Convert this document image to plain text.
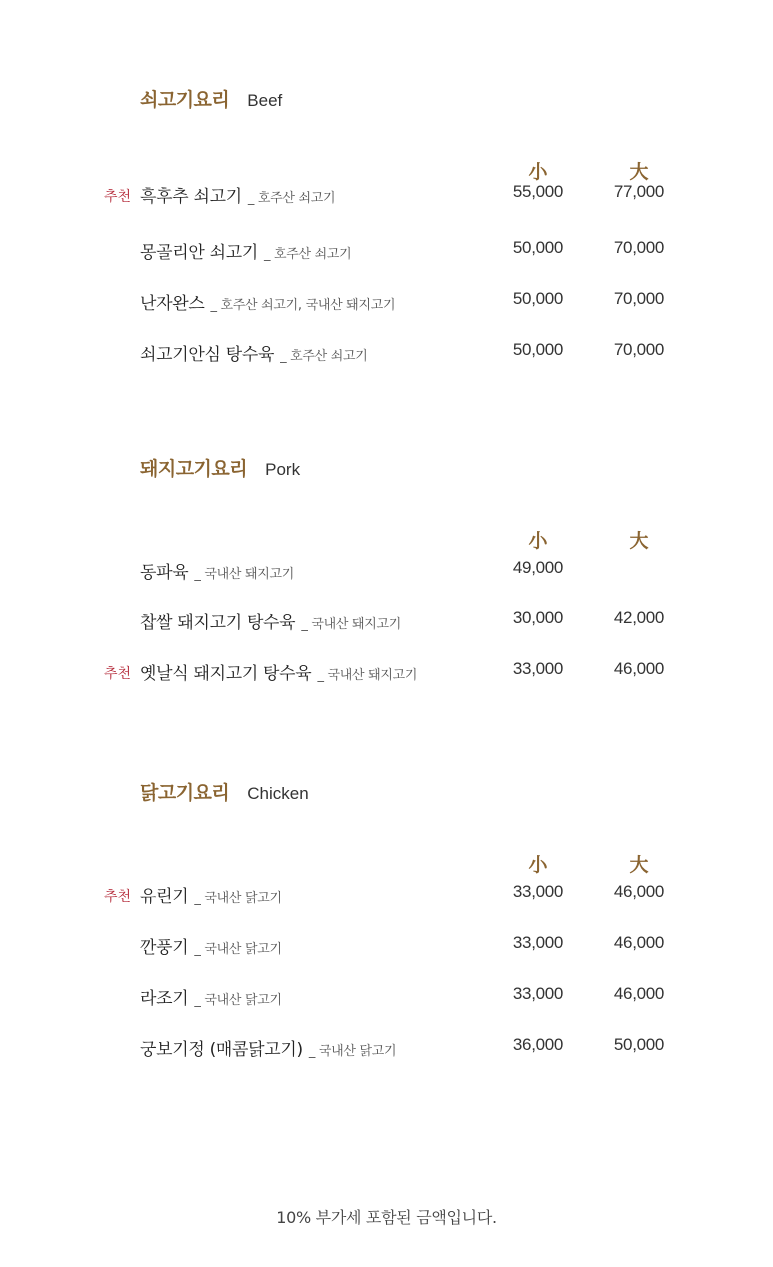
쇠고기요리 Beef
小	大
추천 흑후추 쇠고기 _ 호주산 쇠고기	55,000	77,000
몽골리안 쇠고기 _ 호주산 쇠고기	50,000	70,000
난자완스 _ 호주산 쇠고기, 국내산 돼지고기	50,000	70,000
쇠고기안심 탕수육 _ 호주산 쇠고기	50,000	70,000
돼지고기요리 Pork
小	大
동파육 _ 국내산 돼지고기	49,000
찹쌀 돼지고기 탕수육 _ 국내산 돼지고기	30,000	42,000
추천 옛날식 돼지고기 탕수육 _ 국내산 돼지고기	33,000	46,000
닭고기요리 Chicken
小	大
추천 유린기 _ 국내산 닭고기	33,000	46,000
깐풍기 _ 국내산 닭고기	33,000	46,000
라조기 _ 국내산 닭고기	33,000	46,000
궁보기정 (매콤닭고기) _ 국내산 닭고기	36,000	50,000
10% 부가세 포함된 금액입니다.
